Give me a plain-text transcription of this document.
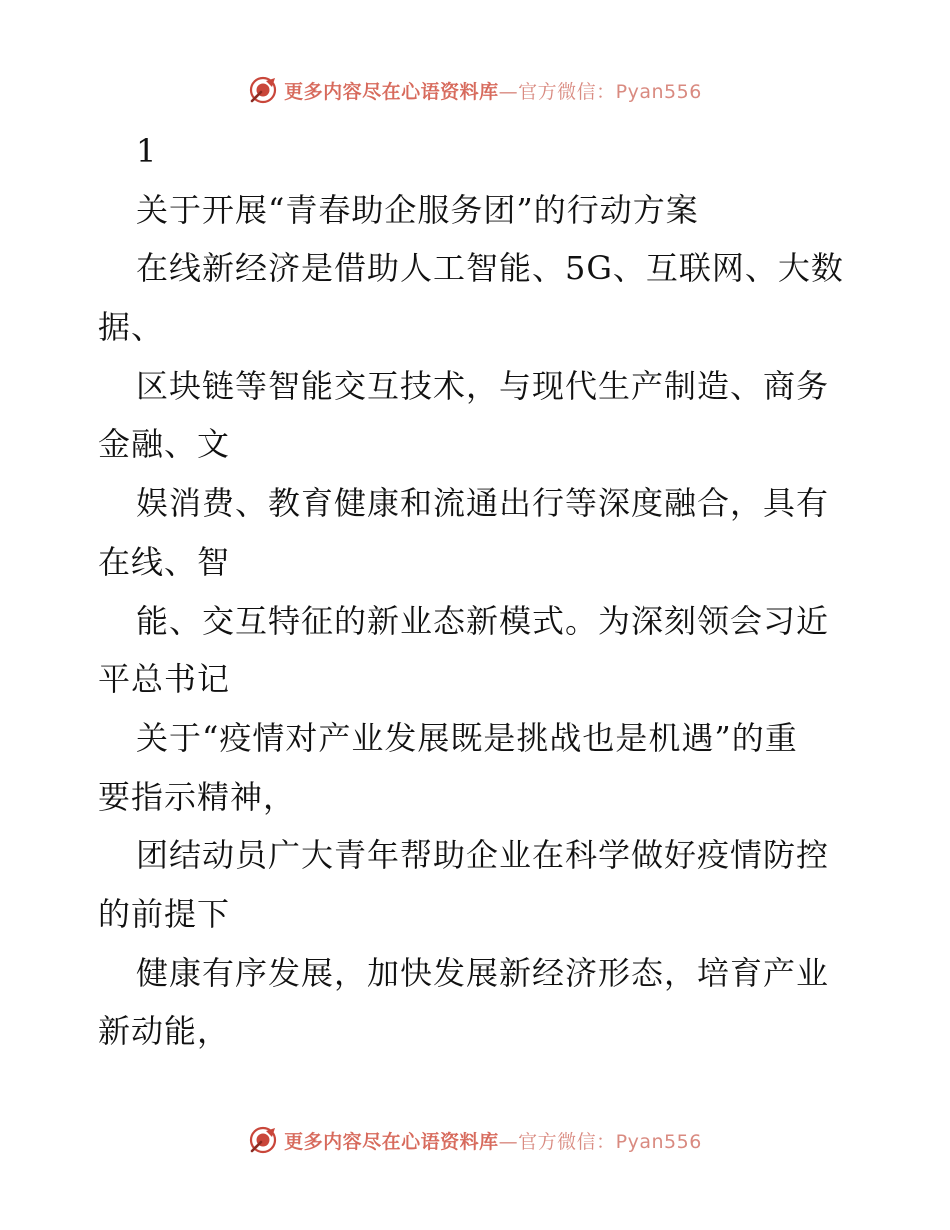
更多内容尽在心语资料库 —官方微信：Pyan556
1
关于开展“青春助企服务团”的行动方案
在线新经济是借助人工智能、5G、互联网、大数
据、
区块链等智能交互技术，与现代生产制造、商务
金融、文
娱消费、教育健康和流通出行等深度融合，具有
在线、智
能、交互特征的新业态新模式。为深刻领会习近
平总书记
关于“疫情对产业发展既是挑战也是机遇”的重
要指示精神，
团结动员广大青年帮助企业在科学做好疫情防控
的前提下
健康有序发展，加快发展新经济形态，培育产业
新动能，
更多内容尽在心语资料库 —官方微信：Pyan556
